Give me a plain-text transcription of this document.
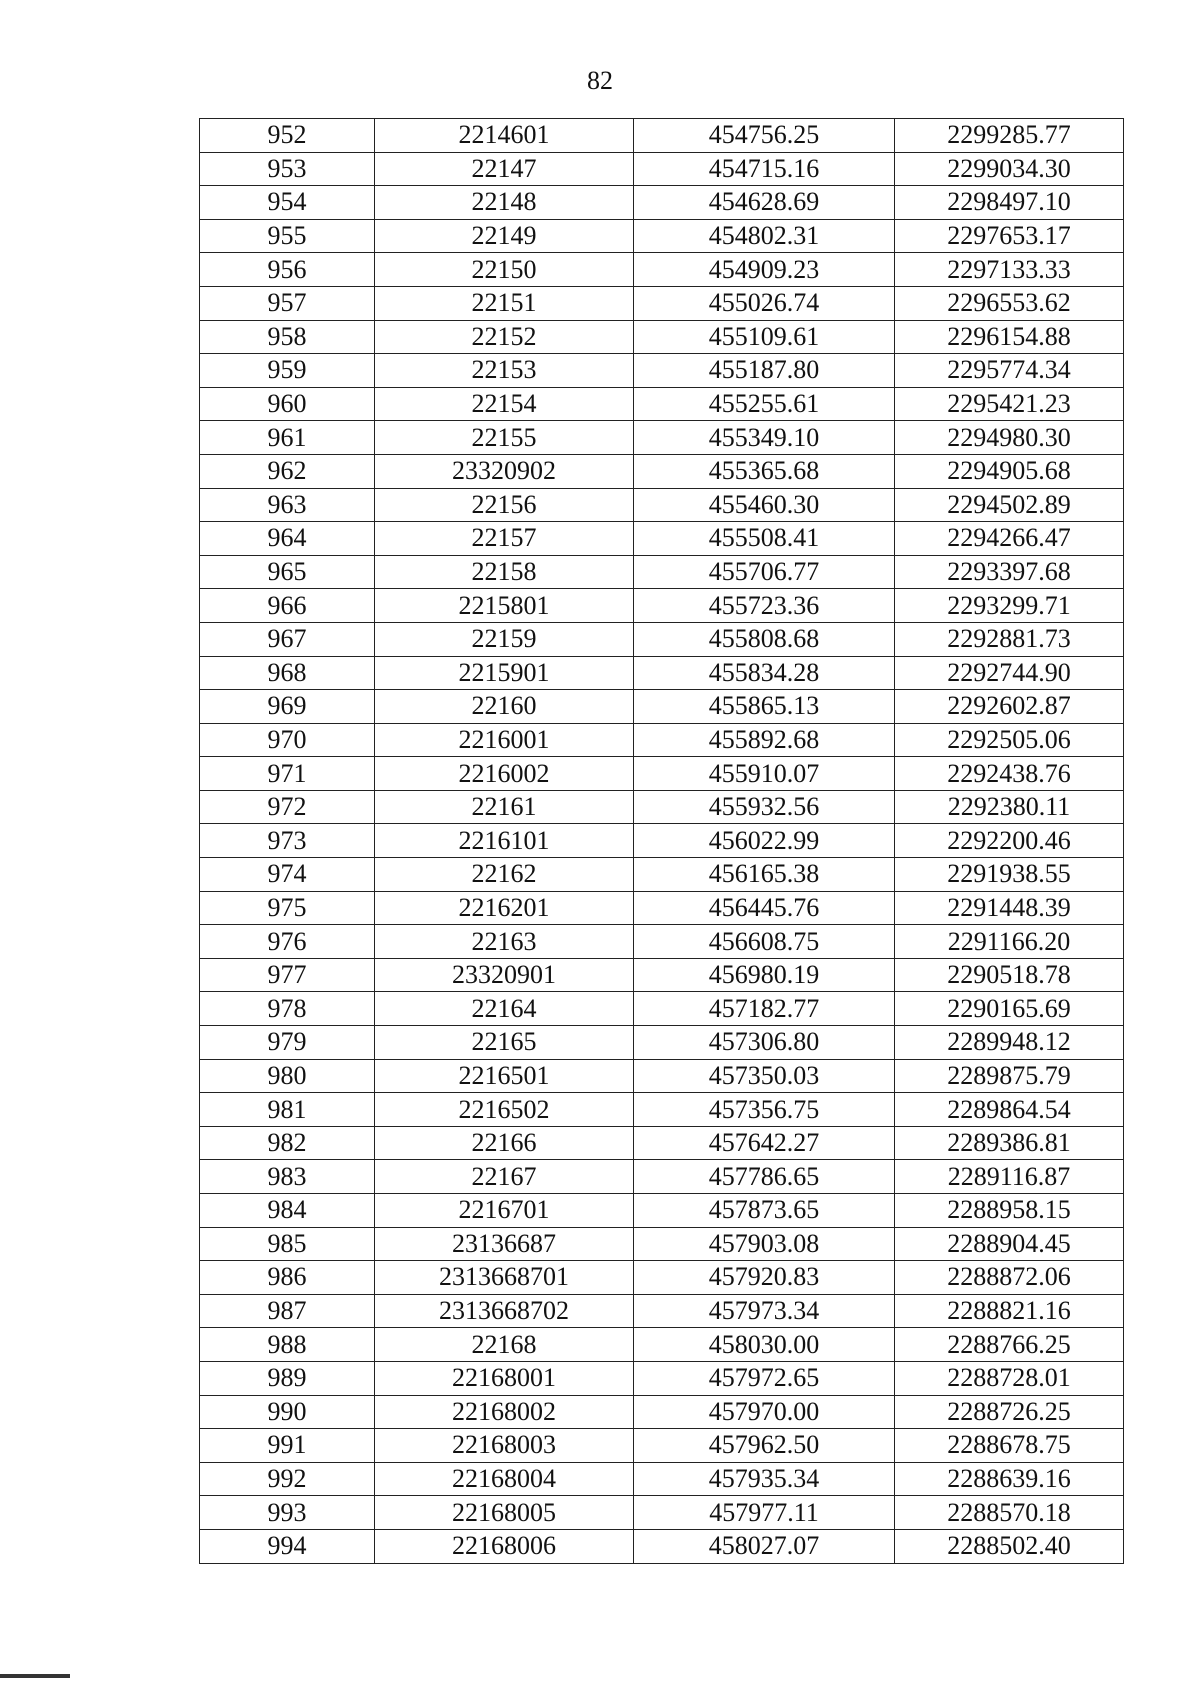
82
952	2214601	454756.25	2299285.77
953	22147	454715.16	2299034.30
954	22148	454628.69	2298497.10
955	22149	454802.31	2297653.17
956	22150	454909.23	2297133.33
957	22151	455026.74	2296553.62
958	22152	455109.61	2296154.88
959	22153	455187.80	2295774.34
960	22154	455255.61	2295421.23
961	22155	455349.10	2294980.30
962	23320902	455365.68	2294905.68
963	22156	455460.30	2294502.89
964	22157	455508.41	2294266.47
965	22158	455706.77	2293397.68
966	2215801	455723.36	2293299.71
967	22159	455808.68	2292881.73
968	2215901	455834.28	2292744.90
969	22160	455865.13	2292602.87
970	2216001	455892.68	2292505.06
971	2216002	455910.07	2292438.76
972	22161	455932.56	2292380.11
973	2216101	456022.99	2292200.46
974	22162	456165.38	2291938.55
975	2216201	456445.76	2291448.39
976	22163	456608.75	2291166.20
977	23320901	456980.19	2290518.78
978	22164	457182.77	2290165.69
979	22165	457306.80	2289948.12
980	2216501	457350.03	2289875.79
981	2216502	457356.75	2289864.54
982	22166	457642.27	2289386.81
983	22167	457786.65	2289116.87
984	2216701	457873.65	2288958.15
985	23136687	457903.08	2288904.45
986	2313668701	457920.83	2288872.06
987	2313668702	457973.34	2288821.16
988	22168	458030.00	2288766.25
989	22168001	457972.65	2288728.01
990	22168002	457970.00	2288726.25
991	22168003	457962.50	2288678.75
992	22168004	457935.34	2288639.16
993	22168005	457977.11	2288570.18
994	22168006	458027.07	2288502.40
